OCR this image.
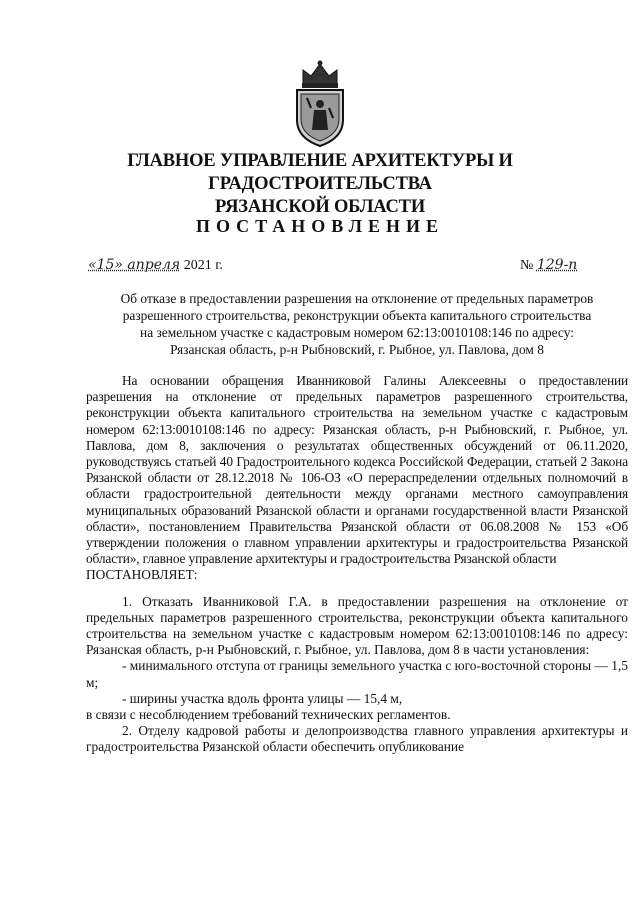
ГЛАВНОЕ УПРАВЛЕНИЕ АРХИТЕКТУРЫ И ГРАДОСТРОИТЕЛЬСТВА
РЯЗАНСКОЙ ОБЛАСТИ
ПОСТАНОВЛЕНИЕ
«15» апреля 2021 г.	№ 129-п
Об отказе в предоставлении разрешения на отклонение от предельных параметров
разрешенного строительства, реконструкции объекта капитального строительства
на земельном участке с кадастровым номером 62:13:0010108:146 по адресу:
Рязанская область, р-н Рыбновский, г. Рыбное, ул. Павлова, дом 8

На основании обращения Иванниковой Галины Алексеевны о предоставлении разрешения на отклонение от предельных параметров разрешенного строительства, реконструкции объекта капитального строительства на земельном участке с кадастровым номером 62:13:0010108:146 по адресу: Рязанская область, р-н Рыбновский, г. Рыбное, ул. Павлова, дом 8, заключения о результатах общественных обсуждений от 06.11.2020, руководствуясь статьей 40 Градостроительного кодекса Российской Федерации, статьей 2 Закона Рязанской области от 28.12.2018 № 106-ОЗ «О перераспределении отдельных полномочий в области градостроительной деятельности между органами местного самоуправления муниципальных образований Рязанской области и органами государственной власти Рязанской области», постановлением Правительства Рязанской области от 06.08.2008 № 153 «Об утверждении положения о главном управлении архитектуры и градостроительства Рязанской области», главное управление архитектуры и градостроительства Рязанской области

ПОСТАНОВЛЯЕТ:

1. Отказать Иванниковой Г.А. в предоставлении разрешения на отклонение от предельных параметров разрешенного строительства, реконструкции объекта капитального строительства на земельном участке с кадастровым номером 62:13:0010108:146 по адресу: Рязанская область, р-н Рыбновский, г. Рыбное, ул. Павлова, дом 8 в части установления:

- минимального отступа от границы земельного участка с юго-восточной стороны — 1,5 м;

- ширины участка вдоль фронта улицы — 15,4 м,

в связи с несоблюдением требований технических регламентов.

2. Отделу кадровой работы и делопроизводства главного управления архитектуры и градостроительства Рязанской области обеспечить опубликование
